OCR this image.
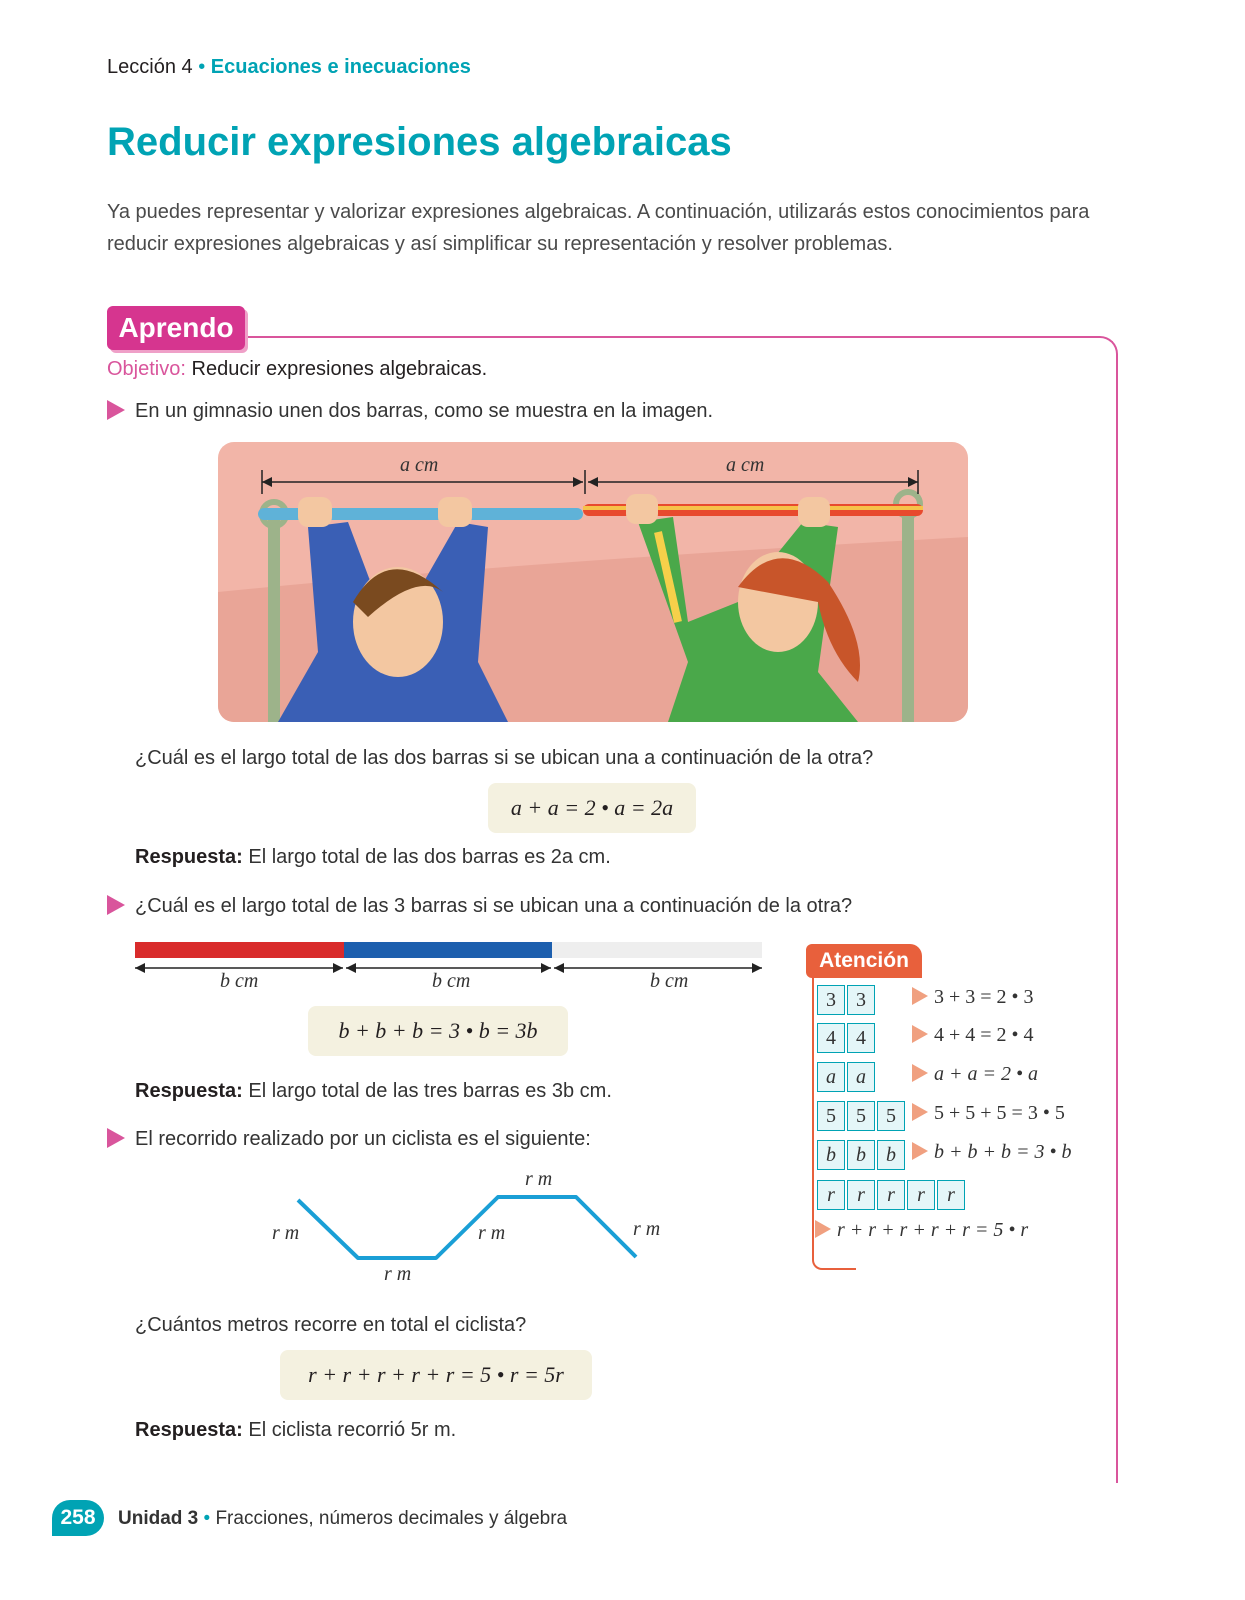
Lección 4 • Ecuaciones e inecuaciones
Reducir expresiones algebraicas
Ya puedes representar y valorizar expresiones algebraicas. A continuación, utilizarás estos conocimientos para reducir expresiones algebraicas y así simplificar su representación y resolver problemas.
Aprendo
Objetivo: Reducir expresiones algebraicas.
En un gimnasio unen dos barras, como se muestra en la imagen.
a cm	a cm
¿Cuál es el largo total de las dos barras si se ubican una a continuación de la otra?
a + a = 2 • a = 2a
Respuesta: El largo total de las dos barras es 2a cm.
¿Cuál es el largo total de las 3 barras si se ubican una a continuación de la otra?
b cm	b cm	b cm
b + b + b = 3 • b = 3b
Respuesta: El largo total de las tres barras es 3b cm.
El recorrido realizado por un ciclista es el siguiente:
r m
r m
r m
r m
r m
¿Cuántos metros recorre en total el ciclista?
r + r + r + r + r = 5 • r = 5r
Respuesta: El ciclista recorrió 5r m.
Atención
3	3	3 + 3 = 2 • 3
4	4	4 + 4 = 2 • 4
a	a	a + a = 2 • a
5	5	5	5 + 5 + 5 = 3 • 5
b	b	b	b + b + b = 3 • b
r	r	r	r	r
r + r + r + r + r = 5 • r
258	Unidad 3 • Fracciones, números decimales y álgebra
